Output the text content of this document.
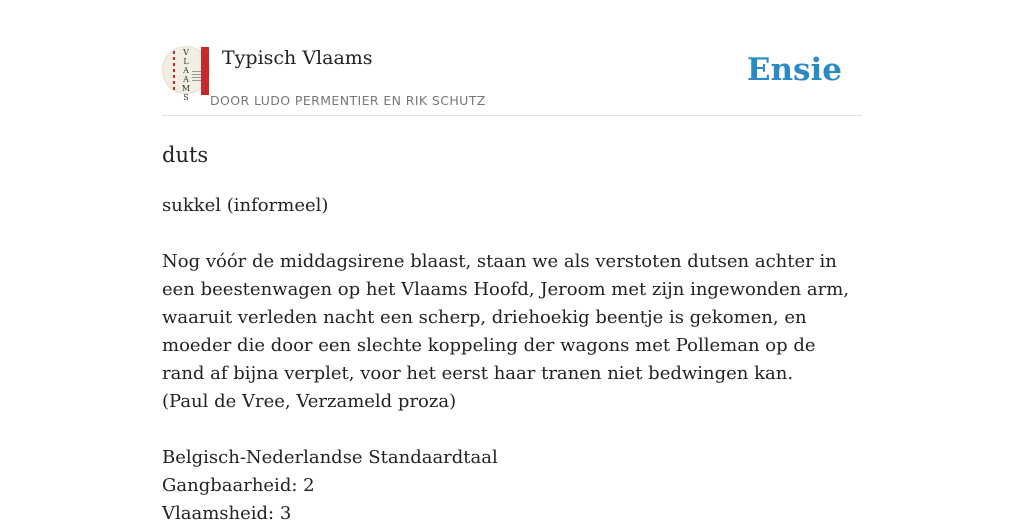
V
L
A
A
M
S
Typisch Vlaams
DOOR LUDO PERMENTIER EN RIK SCHUTZ
Ensie
duts
sukkel (informeel)
Nog vóór de middagsirene blaast, staan we als verstoten dutsen achter in een beestenwagen op het Vlaams Hoofd, Jeroom met zijn ingewonden arm, waaruit verleden nacht een scherp, driehoekig beentje is gekomen, en moeder die door een slechte koppeling der wagons met Polleman op de rand af bijna verplet, voor het eerst haar tranen niet bedwingen kan.
(Paul de Vree, Verzameld proza)
Belgisch-Nederlandse Standaardtaal
Gangbaarheid: 2
Vlaamsheid: 3
